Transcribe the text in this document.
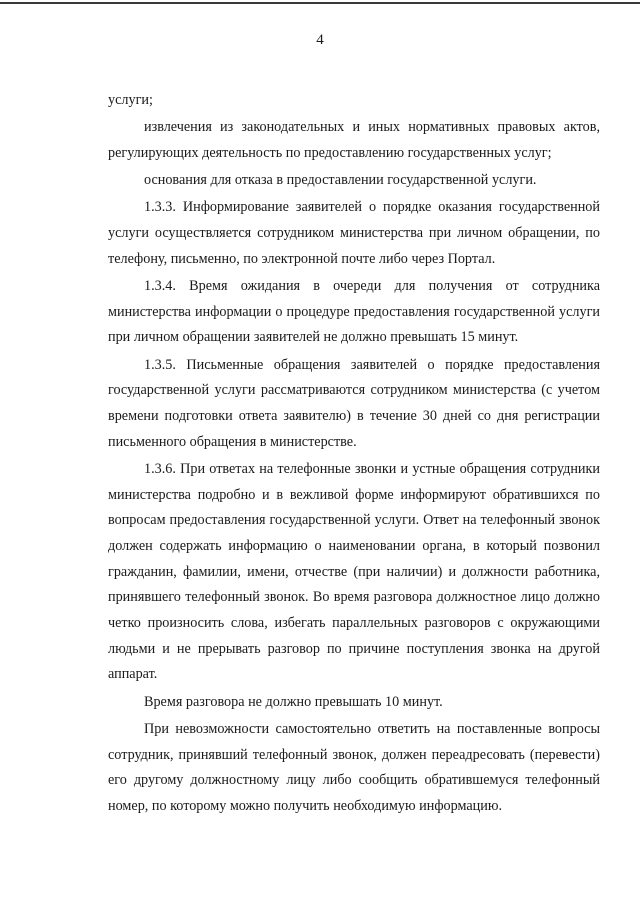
4

услуги;

извлечения из законодательных и иных нормативных правовых актов, регулирующих деятельность по предоставлению государственных услуг;

основания для отказа в предоставлении государственной услуги.

1.3.3. Информирование заявителей о порядке оказания государственной услуги осуществляется сотрудником министерства при личном обращении, по телефону, письменно, по электронной почте либо через Портал.

1.3.4. Время ожидания в очереди для получения от сотрудника министерства информации о процедуре предоставления государственной услуги при личном обращении заявителей не должно превышать 15 минут.

1.3.5. Письменные обращения заявителей о порядке предоставления государственной услуги рассматриваются сотрудником министерства (с учетом времени подготовки ответа заявителю) в течение 30 дней со дня регистрации письменного обращения в министерстве.

1.3.6. При ответах на телефонные звонки и устные обращения сотрудники министерства подробно и в вежливой форме информируют обратившихся по вопросам предоставления государственной услуги. Ответ на телефонный звонок должен содержать информацию о наименовании органа, в который позвонил гражданин, фамилии, имени, отчестве (при наличии) и должности работника, принявшего телефонный звонок. Во время разговора должностное лицо должно четко произносить слова, избегать параллельных разговоров с окружающими людьми и не прерывать разговор по причине поступления звонка на другой аппарат.

Время разговора не должно превышать 10 минут.

При невозможности самостоятельно ответить на поставленные вопросы сотрудник, принявший телефонный звонок, должен переадресовать (перевести) его другому должностному лицу либо сообщить обратившемуся телефонный номер, по которому можно получить необходимую информацию.
